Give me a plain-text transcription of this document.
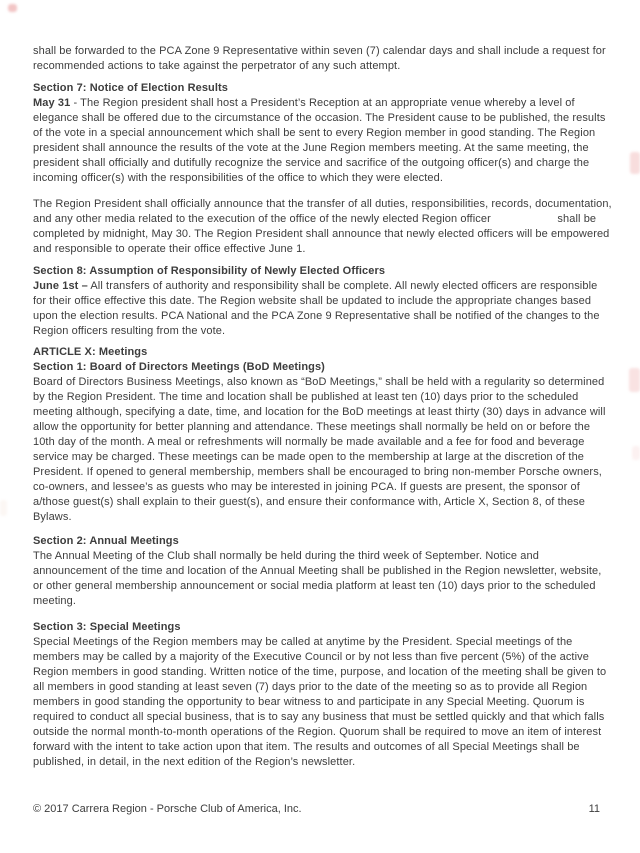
shall be forwarded to the PCA Zone 9 Representative within seven (7) calendar days and shall include a request for recommended actions to take against the perpetrator of any such attempt.

Section 7: Notice of Election Results

May 31 - The Region president shall host a President’s Reception at an appropriate venue whereby a level of elegance shall be offered due to the circumstance of the occasion. The President cause to be published, the results of the vote in a special announcement which shall be sent to every Region member in good standing. The Region president shall announce the results of the vote at the June Region members meeting. At the same meeting, the president shall officially and dutifully recognize the service and sacrifice of the outgoing officer(s) and charge the incoming officer(s) with the responsibilities of the office to which they were elected.

The Region President shall officially announce that the transfer of all duties, responsibilities, records, documentation, and any other media related to the execution of the office of the newly elected Region officer      shall be completed by midnight, May 30. The Region President shall announce that newly elected officers will be empowered and responsible to operate their office effective June 1.

Section 8: Assumption of Responsibility of Newly Elected Officers

June 1st – All transfers of authority and responsibility shall be complete. All newly elected officers are responsible for their office effective this date. The Region website shall be updated to include the appropriate changes based upon the election results. PCA National and the PCA Zone 9 Representative shall be notified of the changes to the Region officers resulting from the vote.

ARTICLE X: Meetings

Section 1: Board of Directors Meetings (BoD Meetings)

Board of Directors Business Meetings, also known as “BoD Meetings,” shall be held with a regularity so determined by the Region President. The time and location shall be published at least ten (10) days prior to the scheduled meeting although, specifying a date, time, and location for the BoD meetings at least thirty (30) days in advance will allow the opportunity for better planning and attendance. These meetings shall normally be held on or before the 10th day of the month. A meal or refreshments will normally be made available and a fee for food and beverage service may be charged. These meetings can be made open to the membership at large at the discretion of the President. If opened to general membership, members shall be encouraged to bring non-member Porsche owners, co-owners, and lessee’s as guests who may be interested in joining PCA. If guests are present, the sponsor of a/those guest(s) shall explain to their guest(s), and ensure their conformance with, Article X, Section 8, of these Bylaws.

Section 2: Annual Meetings

The Annual Meeting of the Club shall normally be held during the third week of September. Notice and announcement of the time and location of the Annual Meeting shall be published in the Region newsletter, website, or other general membership announcement or social media platform at least ten (10) days prior to the scheduled meeting.

Section 3: Special Meetings

Special Meetings of the Region members may be called at anytime by the President. Special meetings of the members may be called by a majority of the Executive Council or by not less than five percent (5%) of the active Region members in good standing. Written notice of the time, purpose, and location of the meeting shall be given to all members in good standing at least seven (7) days prior to the date of the meeting so as to provide all Region members in good standing the opportunity to bear witness to and participate in any Special Meeting. Quorum is required to conduct all special business, that is to say any business that must be settled quickly and that which falls outside the normal month-to-month operations of the Region. Quorum shall be required to move an item of interest forward with the intent to take action upon that item. The results and outcomes of all Special Meetings shall be published, in detail, in the next edition of the Region’s newsletter.

© 2017 Carrera Region - Porsche Club of America, Inc.	11
